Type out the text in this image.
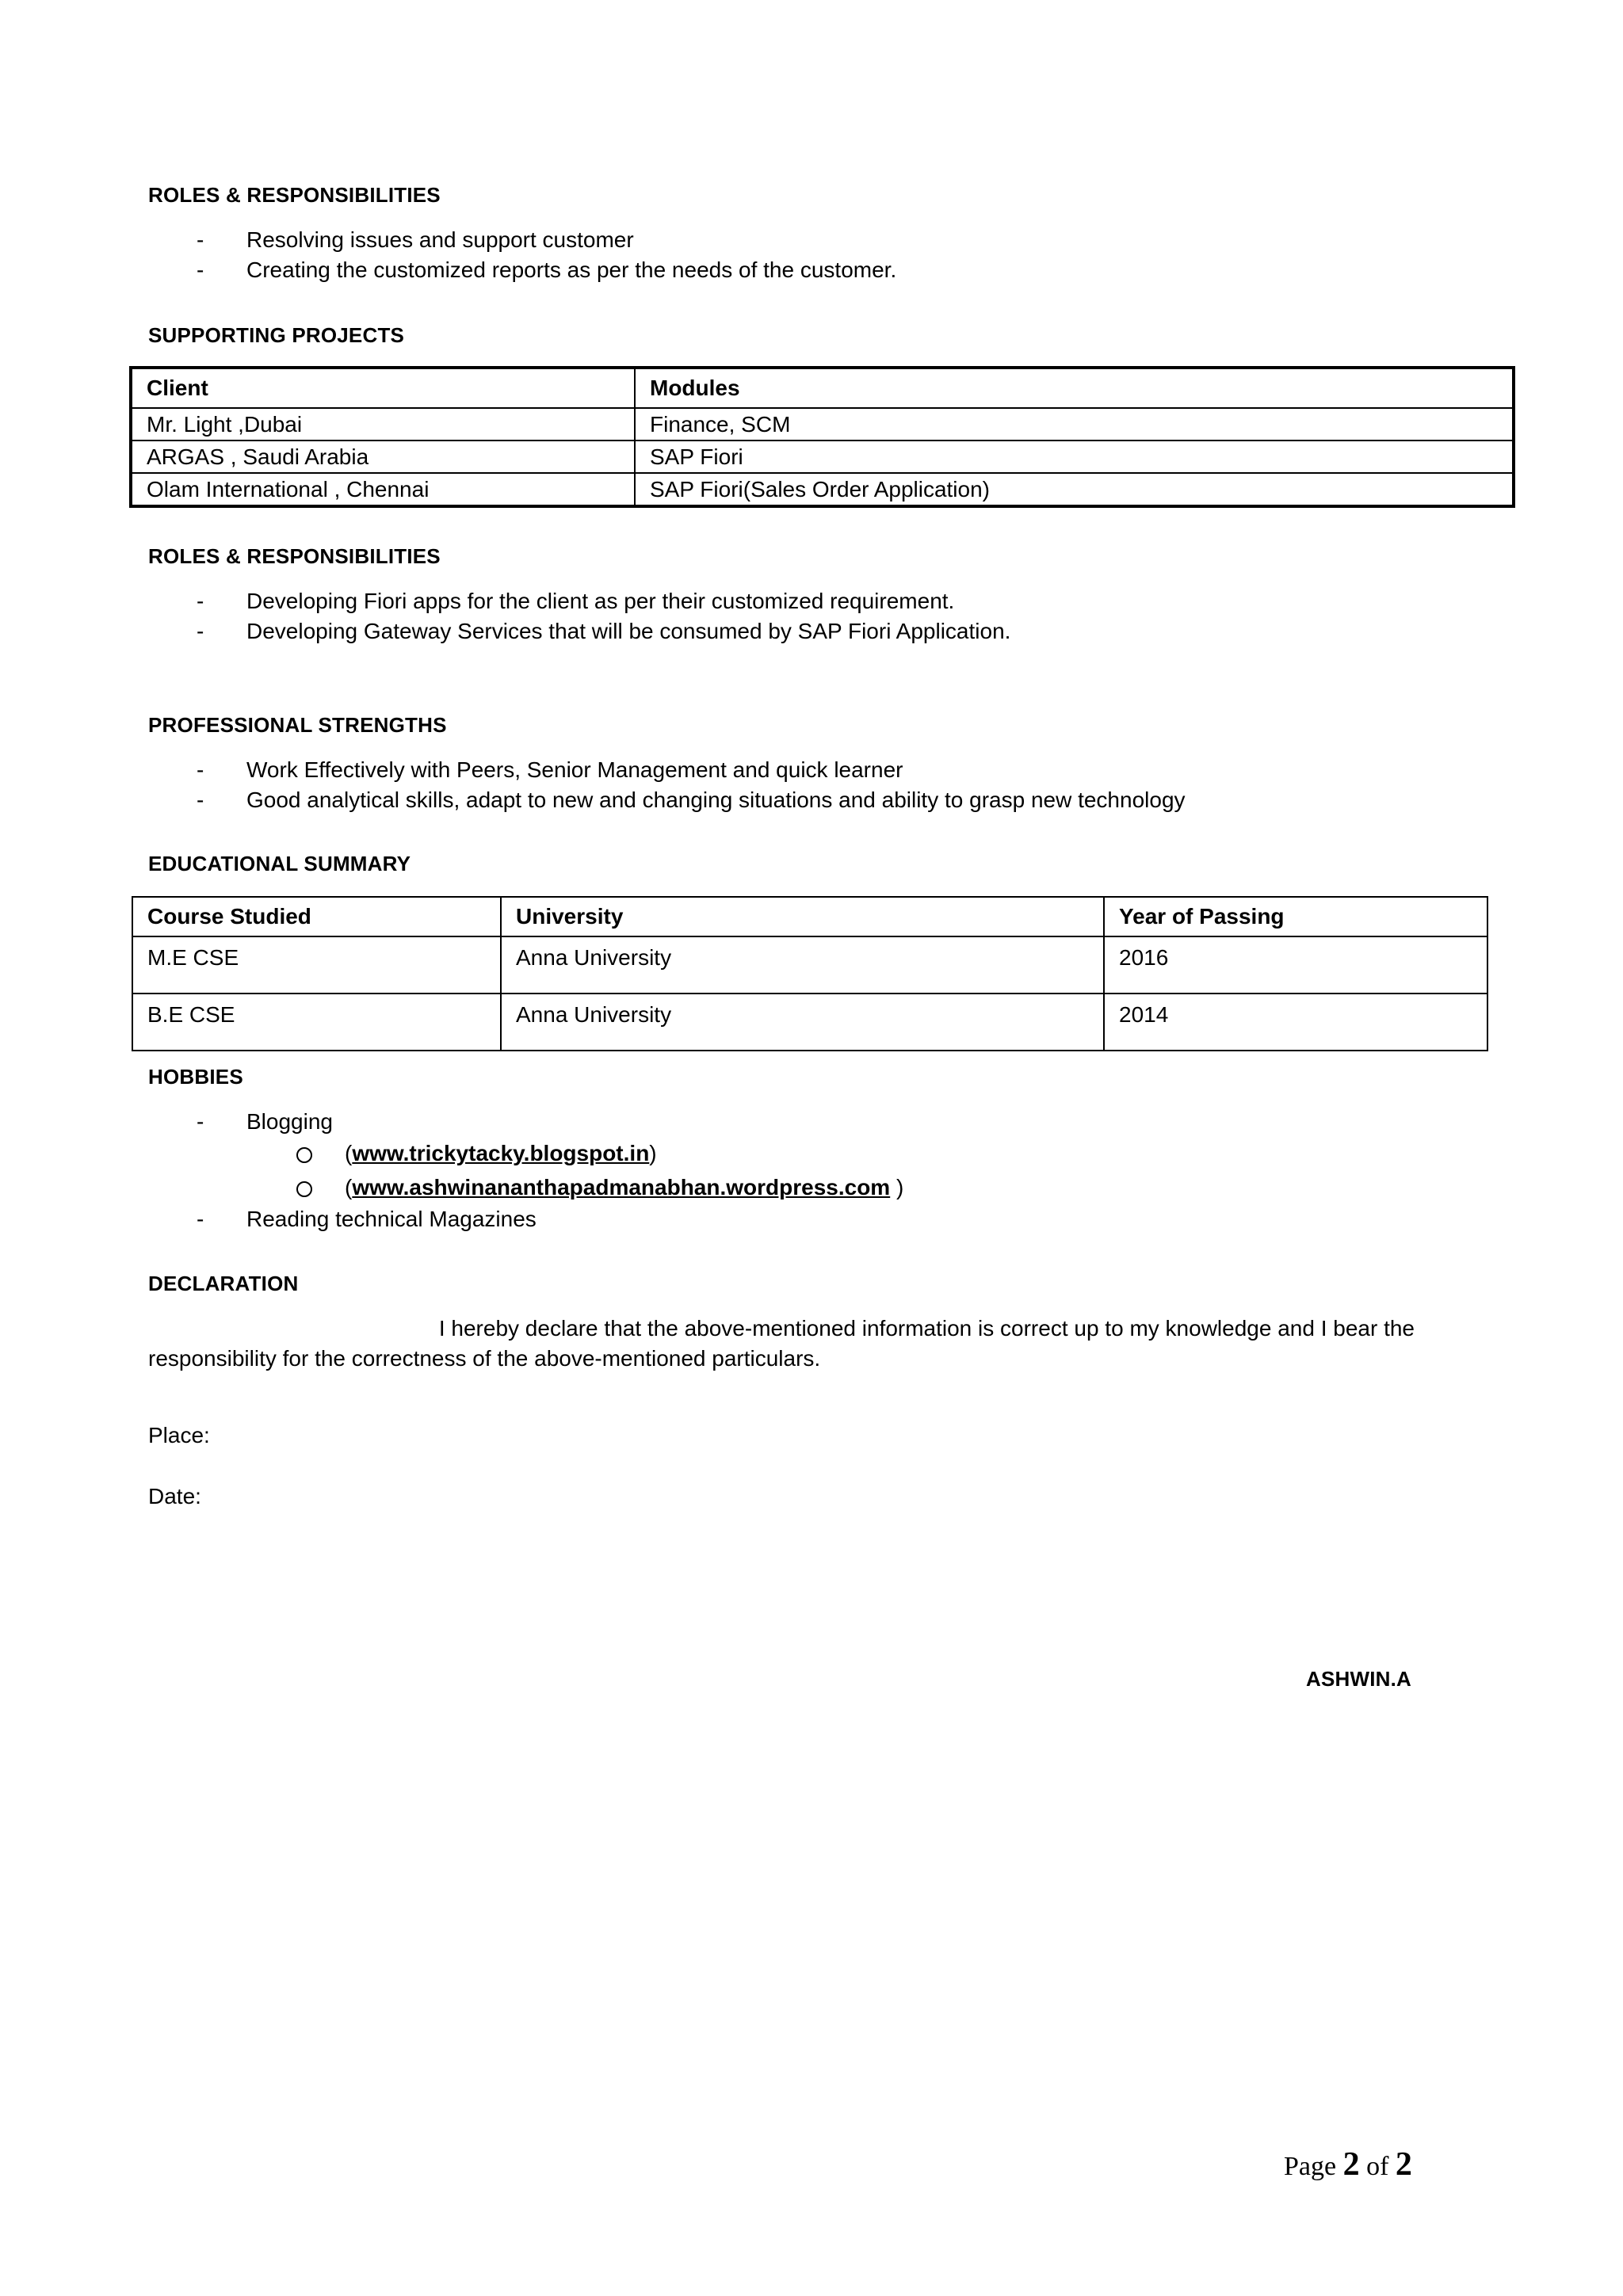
ROLES & RESPONSIBILITIES
- Resolving issues and support customer
- Creating the customized reports as per the needs of the customer.
SUPPORTING PROJECTS
Client	Modules
Mr. Light ,Dubai	Finance, SCM
ARGAS , Saudi Arabia	SAP Fiori
Olam International , Chennai	SAP Fiori(Sales Order Application)
ROLES & RESPONSIBILITIES
- Developing Fiori apps for the client as per their customized requirement.
- Developing Gateway Services that will be consumed by SAP Fiori Application.
PROFESSIONAL STRENGTHS
- Work Effectively with Peers, Senior Management and quick learner
- Good analytical skills, adapt to new and changing situations and ability to grasp new technology
EDUCATIONAL SUMMARY
Course Studied	University	Year of Passing
M.E CSE	Anna University	2016
B.E CSE	Anna University	2014
HOBBIES
- Blogging
(www.trickytacky.blogspot.in)
(www.ashwinananthapadmanabhan.wordpress.com )
- Reading technical Magazines
DECLARATION
I hereby declare that the above-mentioned information is correct up to my knowledge and I bear the
responsibility for the correctness of the above-mentioned particulars.
Place:
Date:
ASHWIN.A
Page 2 of 2
